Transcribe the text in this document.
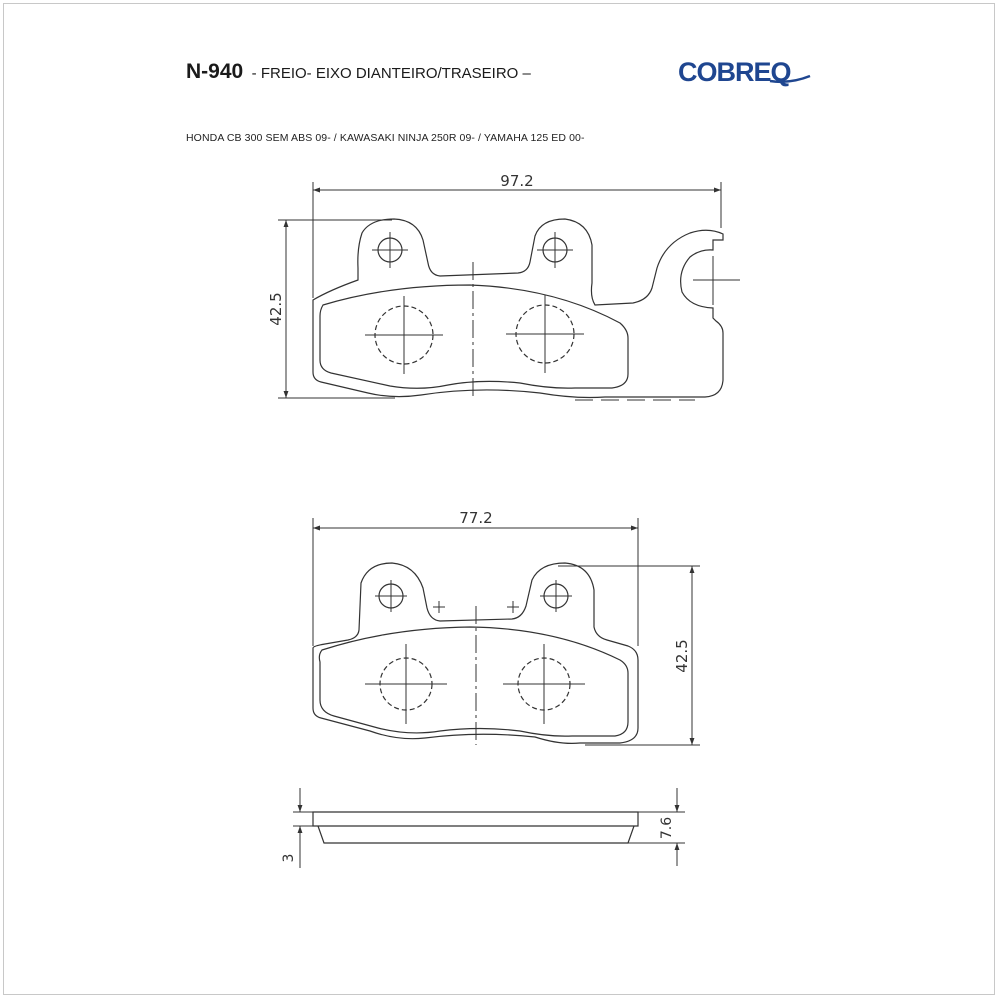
N-940 - FREIO- EIXO DIANTEIRO/TRASEIRO –
HONDA CB 300 SEM ABS 09- / KAWASAKI NINJA 250R 09- / YAMAHA 125 ED 00-
COBREQ
97.2
42.5
77.2
42.5
3
7.6
